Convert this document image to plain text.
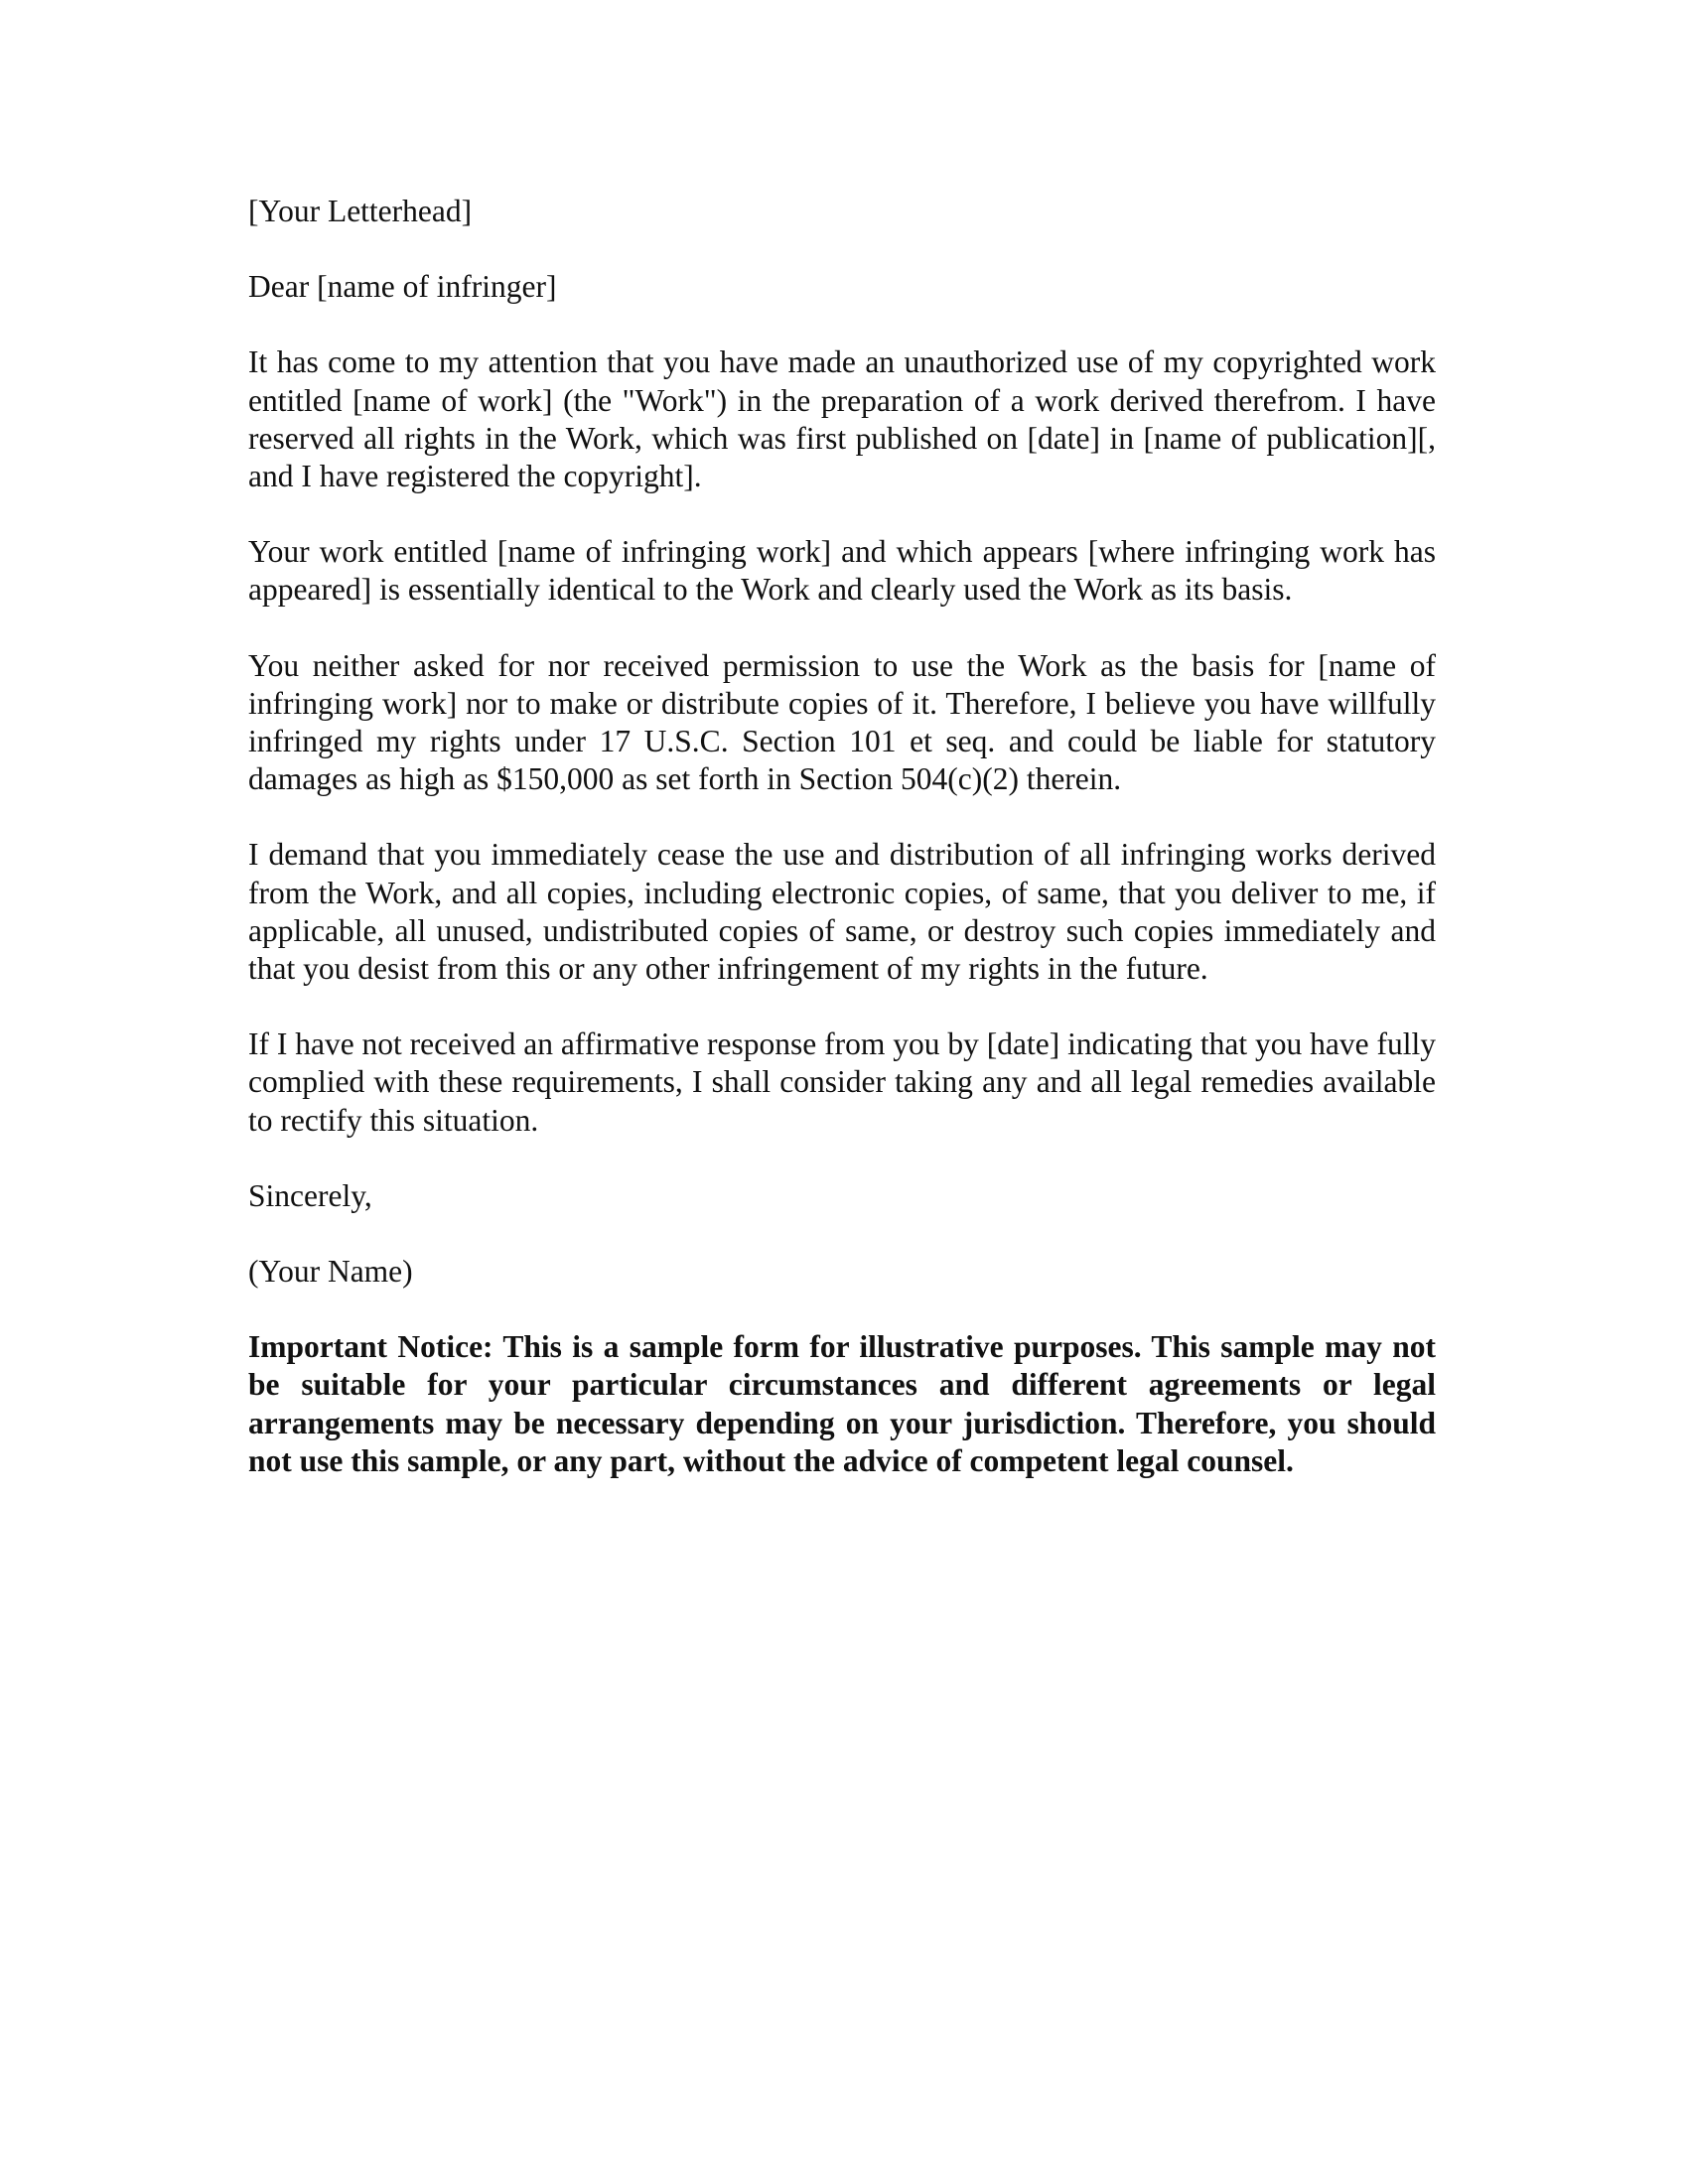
[Your Letterhead]

Dear [name of infringer]

It has come to my attention that you have made an unauthorized use of my copyrighted work entitled [name of work] (the "Work") in the preparation of a work derived therefrom. I have reserved all rights in the Work, which was first published on [date] in [name of publication][, and I have registered the copyright].

Your work entitled [name of infringing work] and which appears [where infringing work has appeared] is essentially identical to the Work and clearly used the Work as its basis.

You neither asked for nor received permission to use the Work as the basis for [name of infringing work] nor to make or distribute copies of it. Therefore, I believe you have willfully infringed my rights under 17 U.S.C. Section 101 et seq. and could be liable for statutory damages as high as $150,000 as set forth in Section 504(c)(2) therein.

I demand that you immediately cease the use and distribution of all infringing works derived from the Work, and all copies, including electronic copies, of same, that you deliver to me, if applicable, all unused, undistributed copies of same, or destroy such copies immediately and that you desist from this or any other infringement of my rights in the future.

If I have not received an affirmative response from you by [date] indicating that you have fully complied with these requirements, I shall consider taking any and all legal remedies available to rectify this situation.

Sincerely,

(Your Name)

Important Notice: This is a sample form for illustrative purposes. This sample may not be suitable for your particular circumstances and different agreements or legal arrangements may be necessary depending on your jurisdiction. Therefore, you should not use this sample, or any part, without the advice of competent legal counsel.
